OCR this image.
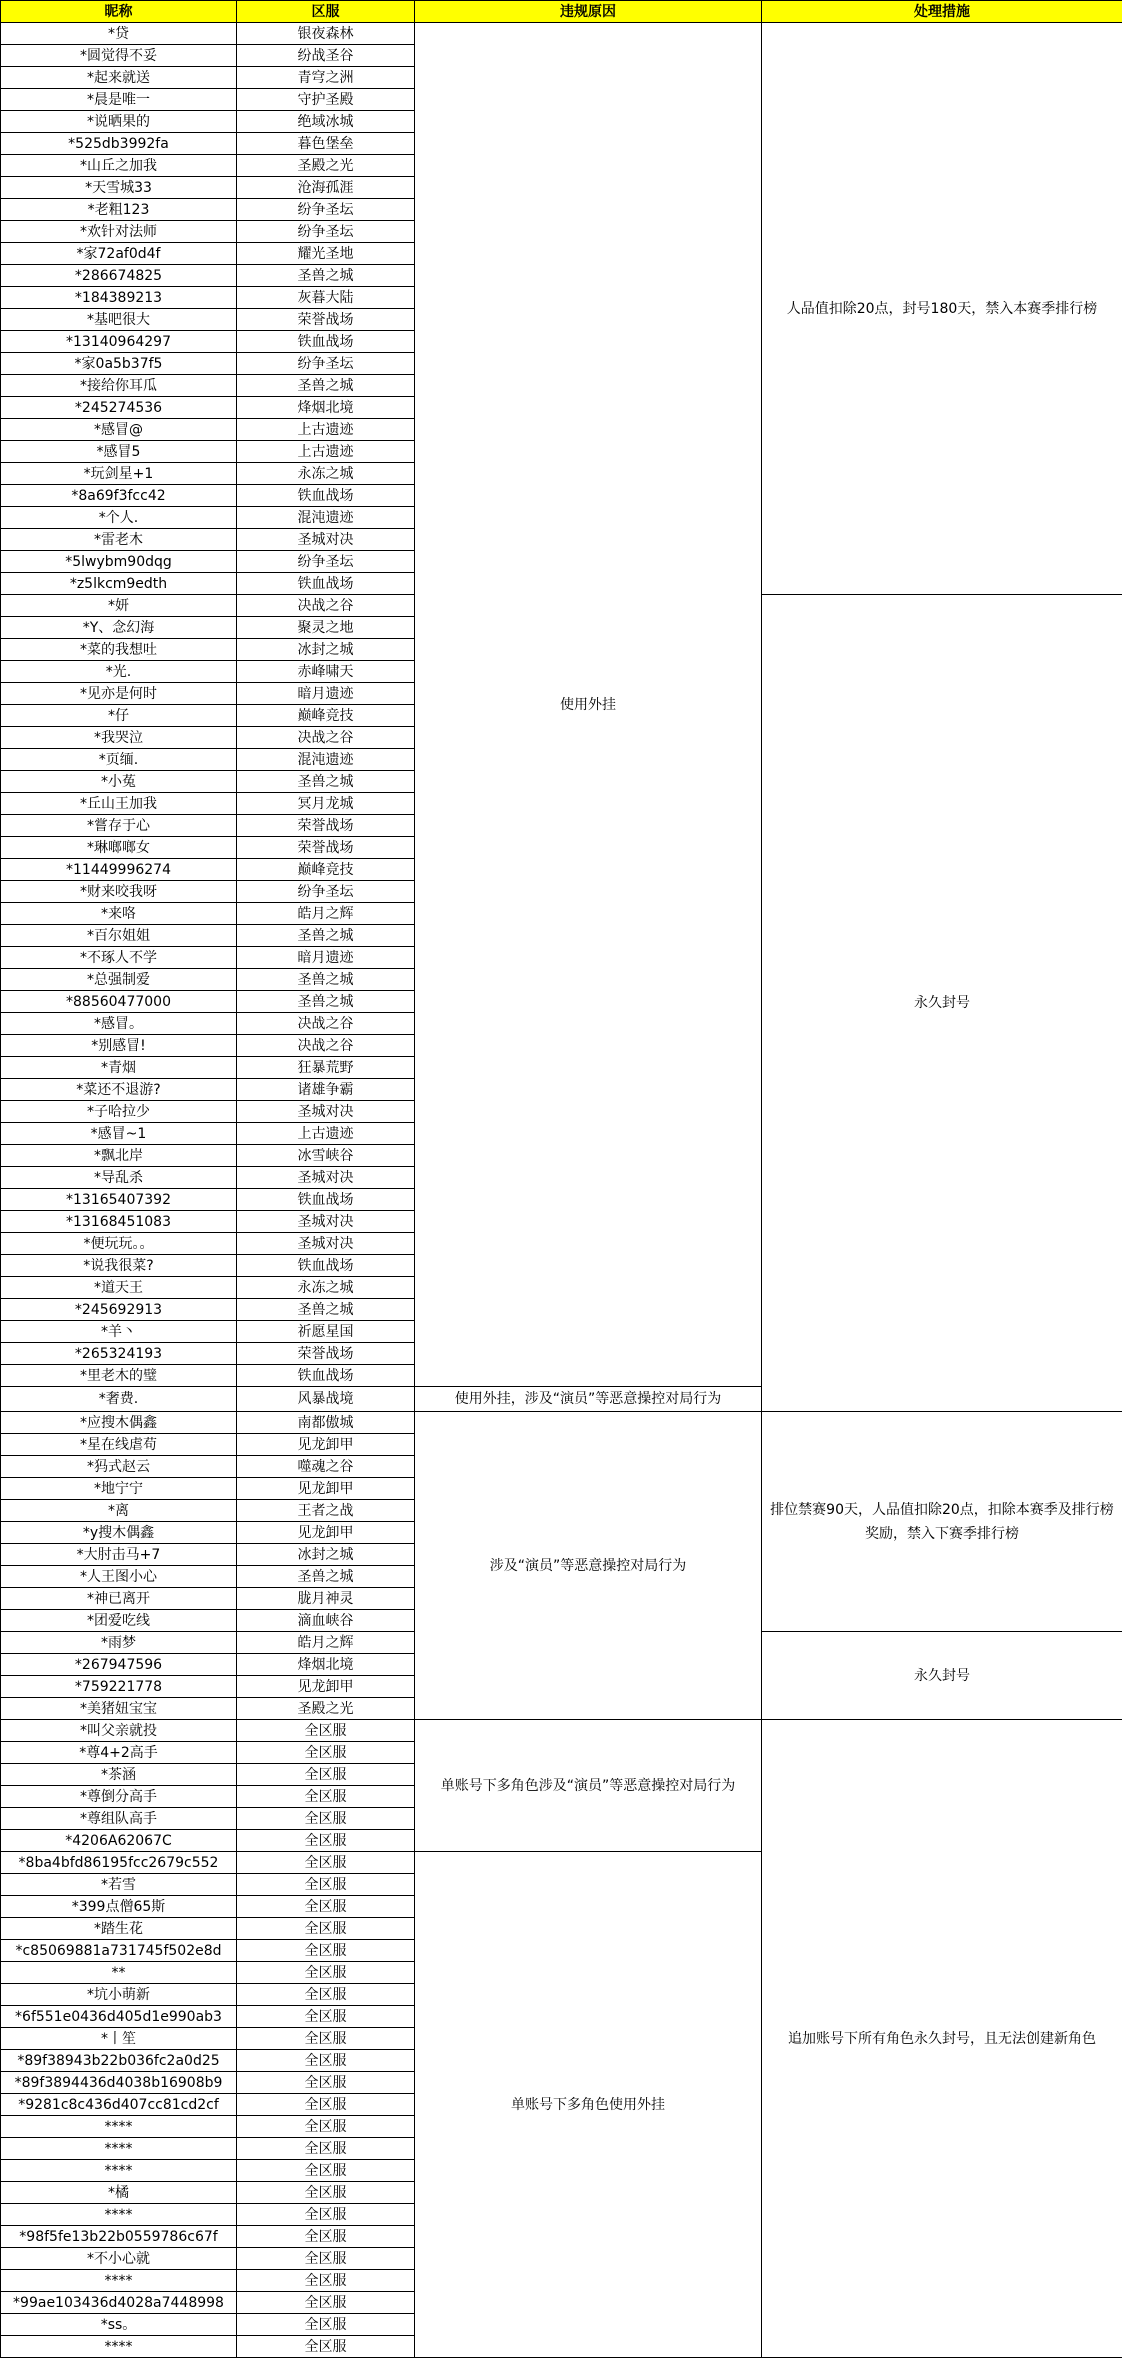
昵称	区服	违规原因	处理措施
*贷	银夜森林	使用外挂	人品值扣除20点，封号180天，禁入本赛季排行榜
*圆觉得不妥	纷战圣谷		
*起来就送	青穹之洲		
*晨是唯一	守护圣殿		
*说晒果的	绝域冰城		
*525db3992fa	暮色堡垒		
*山丘之加我	圣殿之光		
*天雪城33	沧海孤涯		
*老粗123	纷争圣坛		
*欢针对法师	纷争圣坛		
*家72af0d4f	耀光圣地		
*286674825	圣兽之城		
*184389213	灰暮大陆		
*基吧很大	荣誉战场		
*13140964297	铁血战场		
*家0a5b37f5	纷争圣坛		
*接给你耳瓜	圣兽之城		
*245274536	烽烟北境		
*感冒@	上古遗迹		
*感冒5	上古遗迹		
*玩剑星+1	永冻之城		
*8a69f3fcc42	铁血战场		
*个人.	混沌遗迹		
*雷老木	圣城对决		
*5lwybm90dqg	纷争圣坛		
*z5lkcm9edth	铁血战场		
*妍	决战之谷		永久封号
*Y、念幻海	聚灵之地		
*菜的我想吐	冰封之城		
*光.	赤峰啸天		
*见亦是何时	暗月遗迹		
*仔	巅峰竞技		
*我哭泣	决战之谷		
*页缅.	混沌遗迹		
*小菟	圣兽之城		
*丘山王加我	冥月龙城		
*嘗存于心	荣誉战场		
*琳啷啷女	荣誉战场		
*11449996274	巅峰竞技		
*财来咬我呀	纷争圣坛		
*来咯	皓月之辉		
*百尔姐姐	圣兽之城		
*不琢人不学	暗月遗迹		
*总强制爱	圣兽之城		
*88560477000	圣兽之城		
*感冒。	决战之谷		
*别感冒!	决战之谷		
*青烟	狂暴荒野		
*菜还不退游?	诸雄争霸		
*子哈拉少	圣城对决		
*感冒~1	上古遗迹		
*飘北岸	冰雪峡谷		
*导乱杀	圣城对决		
*13165407392	铁血战场		
*13168451083	圣城对决		
*便玩玩。。	圣城对决		
*说我很菜?	铁血战场		
*道天王	永冻之城		
*245692913	圣兽之城		
*羊丶	祈愿星国		
*265324193	荣誉战场		
*里老木的璧	铁血战场		
*奢费.	风暴战境	使用外挂，涉及“演员”等恶意操控对局行为	
*应搜木偶鑫	南都傲城	涉及“演员”等恶意操控对局行为	排位禁赛90天，人品值扣除20点，扣除本赛季及排行榜奖励，禁入下赛季排行榜
*星在线虐苟	见龙卸甲		
*犸式赵云	噬魂之谷		
*地宁宁	见龙卸甲		
*离	王者之战		
*y搜木偶鑫	见龙卸甲		
*大肘击马+7	冰封之城		
*人王图小心	圣兽之城		
*神已离开	胧月神灵		
*团爱吃线	滴血峡谷		
*雨梦	皓月之辉		永久封号
*267947596	烽烟北境		
*759221778	见龙卸甲		
*美猪妞宝宝	圣殿之光		
*叫父亲就投	全区服	单账号下多角色涉及“演员”等恶意操控对局行为	追加账号下所有角色永久封号，且无法创建新角色
*尊4+2高手	全区服		
*茶涵	全区服		
*尊倒分高手	全区服		
*尊组队高手	全区服		
*4206A62067C	全区服		
*8ba4bfd86195fcc2679c552	全区服	单账号下多角色使用外挂	
*若雪	全区服		
*399点僧65斯	全区服		
*踏生花	全区服		
*c85069881a731745f502e8d	全区服		
**	全区服		
*坑小萌新	全区服		
*6f551e0436d405d1e990ab3	全区服		
*丨笙	全区服		
*89f38943b22b036fc2a0d25	全区服		
*89f3894436d4038b16908b9	全区服		
*9281c8c436d407cc81cd2cf	全区服		
****	全区服		
****	全区服		
****	全区服		
*橘	全区服		
****	全区服		
*98f5fe13b22b0559786c67f	全区服		
*不小心就	全区服		
****	全区服		
*99ae103436d4028a7448998	全区服		
*ss。	全区服		
****	全区服		
